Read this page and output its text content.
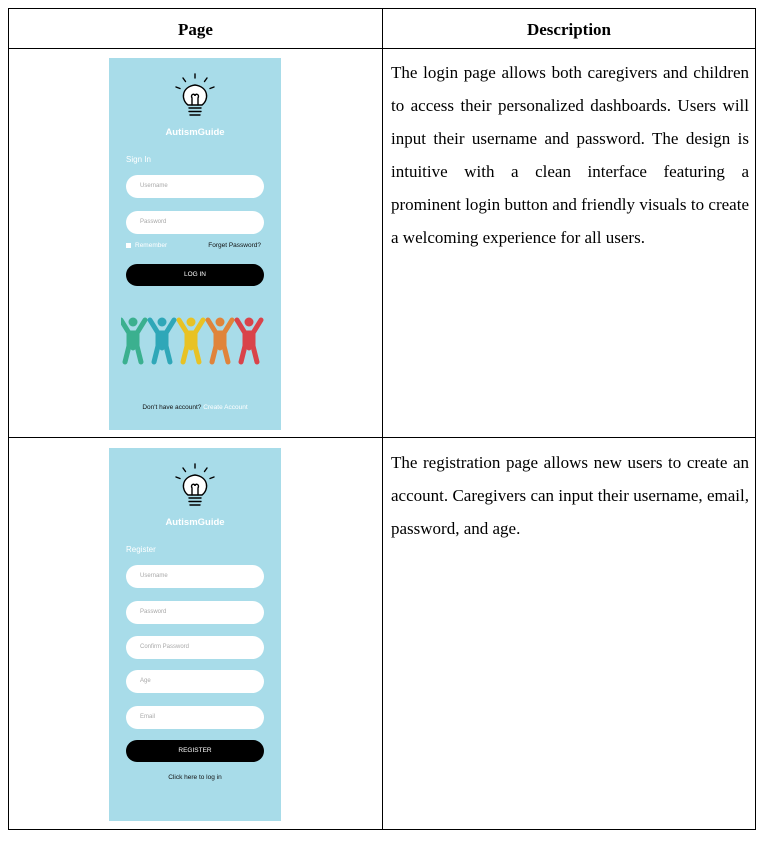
Page	Description
AutismGuide
Sign In
Username
Password
Remember	Forget Password?
LOG IN
Don't have account? Create Account
The login page allows both caregivers and children to access their personalized dashboards. Users will input their username and password. The design is intuitive with a clean interface featuring a prominent login button and friendly visuals to create a welcoming experience for all users.
AutismGuide
Register
Username
Password
Confirm Password
Age
Email
REGISTER
Click here to log in
The registration page allows new users to create an account. Caregivers can input their username, email, password, and age.
